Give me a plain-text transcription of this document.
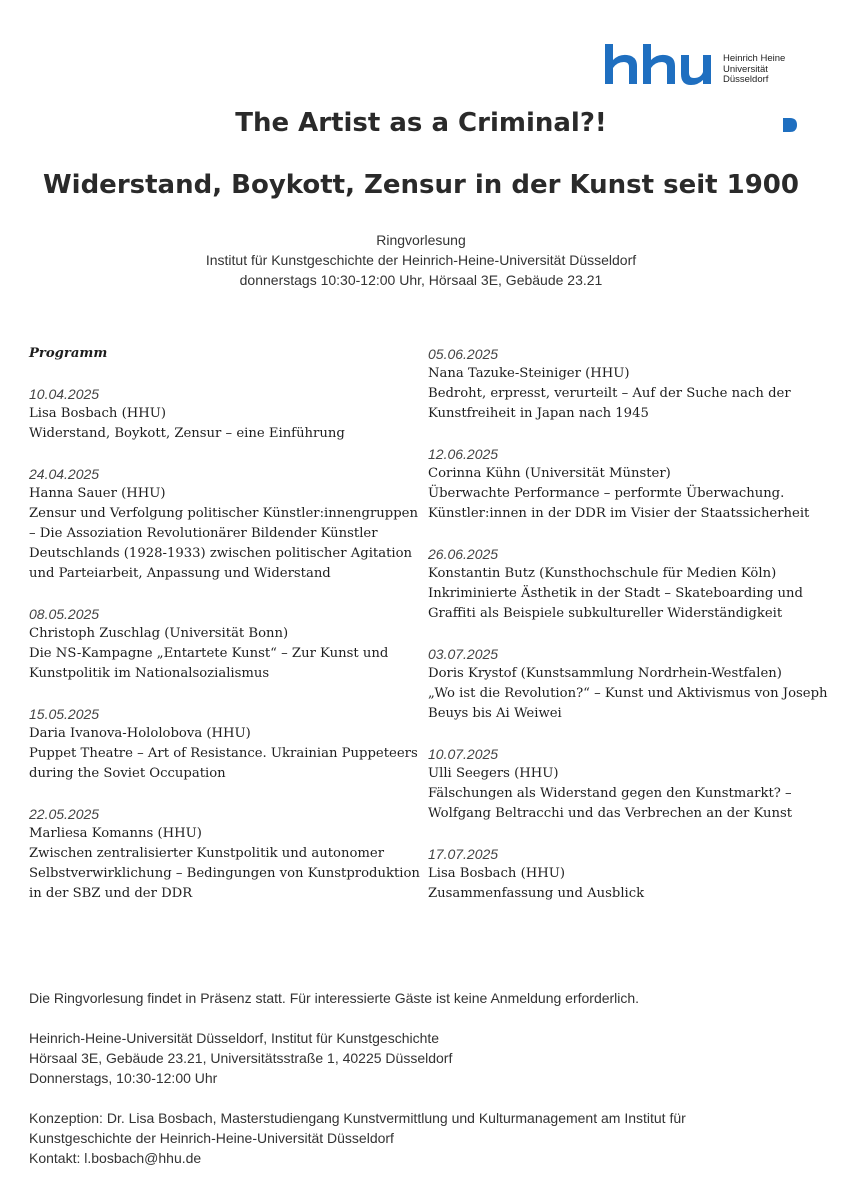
Heinrich Heine
Universität
Düsseldorf
The Artist as a Criminal?!
Widerstand, Boykott, Zensur in der Kunst seit 1900
Ringvorlesung
Institut für Kunstgeschichte der Heinrich-Heine-Universität Düsseldorf
donnerstags 10:30-12:00 Uhr, Hörsaal 3E, Gebäude 23.21
Programm
10.04.2025
Lisa Bosbach (HHU)
Widerstand, Boykott, Zensur – eine Einführung
24.04.2025
Hanna Sauer (HHU)
Zensur und Verfolgung politischer Künstler:innengruppen – Die Assoziation Revolutionärer Bildender Künstler Deutschlands (1928-1933) zwischen politischer Agitation und Parteiarbeit, Anpassung und Widerstand
08.05.2025
Christoph Zuschlag (Universität Bonn)
Die NS-Kampagne „Entartete Kunst“ – Zur Kunst und Kunstpolitik im Nationalsozialismus
15.05.2025
Daria Ivanova-Hololobova (HHU)
Puppet Theatre – Art of Resistance. Ukrainian Puppeteers during the Soviet Occupation
22.05.2025
Marliesa Komanns (HHU)
Zwischen zentralisierter Kunstpolitik und autonomer Selbstverwirklichung – Bedingungen von Kunstproduktion in der SBZ und der DDR
05.06.2025
Nana Tazuke-Steiniger (HHU)
Bedroht, erpresst, verurteilt – Auf der Suche nach der Kunstfreiheit in Japan nach 1945
12.06.2025
Corinna Kühn (Universität Münster)
Überwachte Performance – performte Überwachung. Künstler:innen in der DDR im Visier der Staatssicherheit
26.06.2025
Konstantin Butz (Kunsthochschule für Medien Köln)
Inkriminierte Ästhetik in der Stadt – Skateboarding und Graffiti als Beispiele subkultureller Widerständigkeit
03.07.2025
Doris Krystof (Kunstsammlung Nordrhein-Westfalen)
„Wo ist die Revolution?“ – Kunst und Aktivismus von Joseph Beuys bis Ai Weiwei
10.07.2025
Ulli Seegers (HHU)
Fälschungen als Widerstand gegen den Kunstmarkt? – Wolfgang Beltracchi und das Verbrechen an der Kunst
17.07.2025
Lisa Bosbach (HHU)
Zusammenfassung und Ausblick
Die Ringvorlesung findet in Präsenz statt. Für interessierte Gäste ist keine Anmeldung erforderlich.
Heinrich-Heine-Universität Düsseldorf, Institut für Kunstgeschichte
Hörsaal 3E, Gebäude 23.21, Universitätsstraße 1, 40225 Düsseldorf
Donnerstags, 10:30-12:00 Uhr
Konzeption: Dr. Lisa Bosbach, Masterstudiengang Kunstvermittlung und Kulturmanagement am Institut für
Kunstgeschichte der Heinrich-Heine-Universität Düsseldorf
Kontakt: l.bosbach@hhu.de
